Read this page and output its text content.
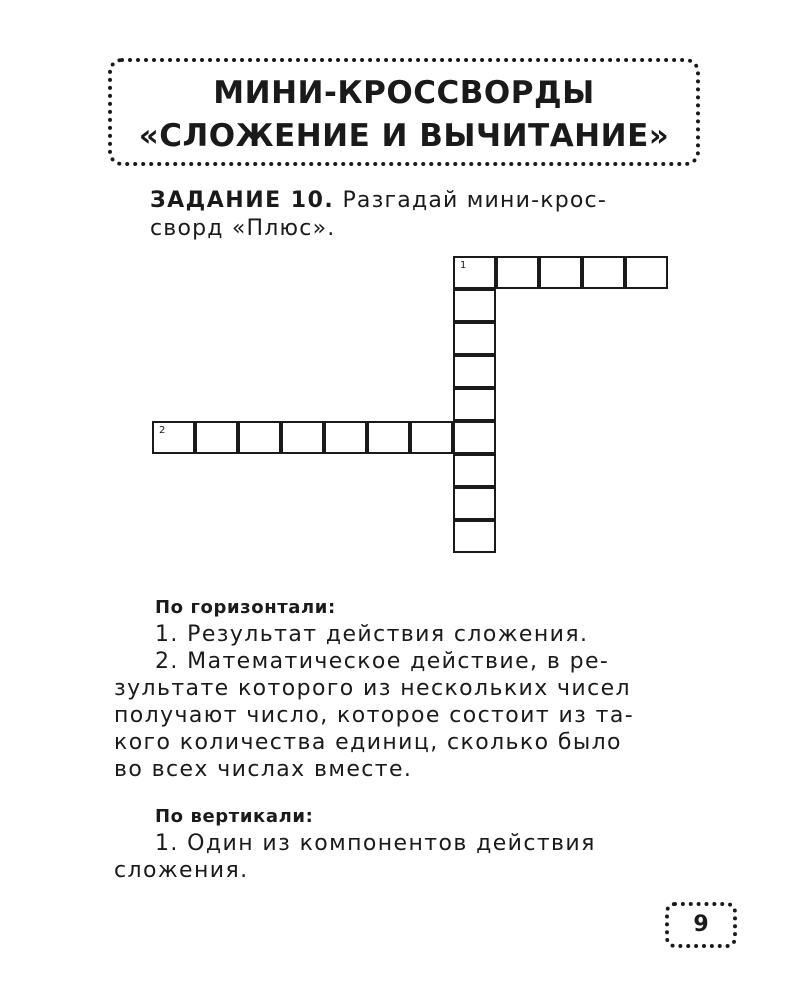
МИНИ-КРОССВОРДЫ
«СЛОЖЕНИЕ И ВЫЧИТАНИЕ»

ЗАДАНИЕ 10. Разгадай мини-крос-
сворд «Плюс».

1
2

По горизонтали:

1. Результат действия сложения.

2. Математическое действие, в ре-

зультате которого из нескольких чисел

получают число, которое состоит из та-

кого количества единиц, сколько было

во всех числах вместе.

По вертикали:

1. Один из компонентов действия

сложения.

9
